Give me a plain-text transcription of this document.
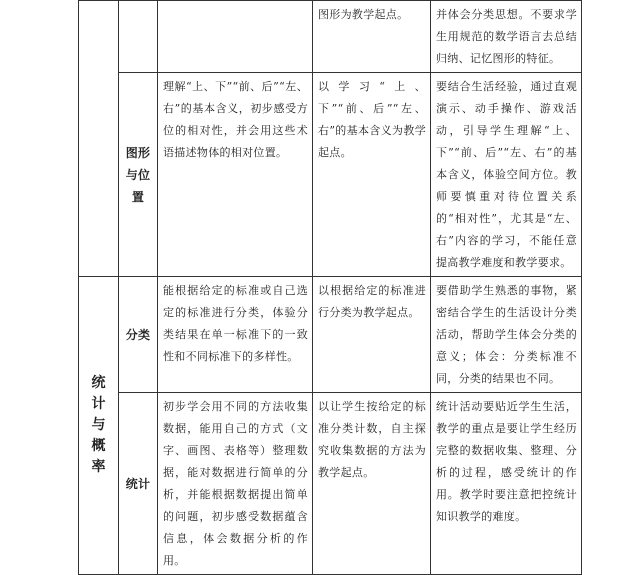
			图形为教学起点。	并体会分类思想。不要求学生用规范的数学语言去总结归纳、记忆图形的特征。
	图形与位置	理解“上、下”“前、后”“左、右”的基本含义，初步感受方位的相对性，并会用这些术语描述物体的相对位置。	以学习“上、下”“前、后”“左、右”的基本含义为教学起点。	要结合生活经验，通过直观演示、动手操作、游戏活动，引导学生理解“上、下”“前、后”“左、右”的基本含义，体验空间方位。教师要慎重对待位置关系的“相对性”，尤其是“左、右”内容的学习，不能任意提高教学难度和教学要求。
统计与概率	分类	能根据给定的标准或自己选定的标准进行分类，体验分类结果在单一标准下的一致性和不同标准下的多样性。	以根据给定的标准进行分类为教学起点。	要借助学生熟悉的事物，紧密结合学生的生活设计分类活动，帮助学生体会分类的意义；体会：分类标准不同，分类的结果也不同。
	统计	初步学会用不同的方法收集数据，能用自己的方式（文字、画图、表格等）整理数据，能对数据进行简单的分析，并能根据数据提出简单的问题，初步感受数据蕴含信息，体会数据分析的作用。	以让学生按给定的标准分类计数，自主探究收集数据的方法为教学起点。	统计活动要贴近学生生活，教学的重点是要让学生经历完整的数据收集、整理、分析的过程，感受统计的作用。教学时要注意把控统计知识教学的难度。
